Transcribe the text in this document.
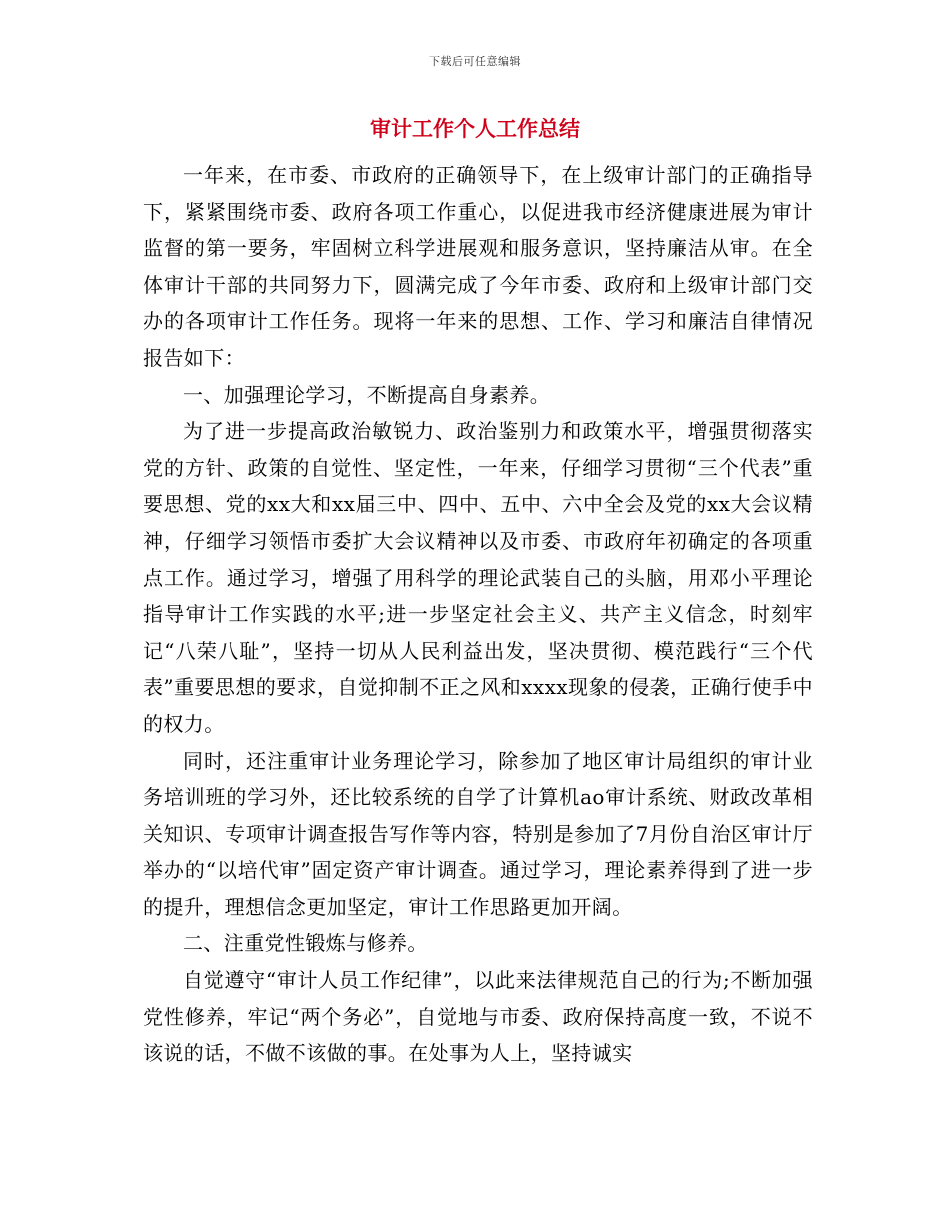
下载后可任意编辑
审计工作个人工作总结

一年来，在市委、市政府的正确领导下，在上级审计部门的正确指导下，紧紧围绕市委、政府各项工作重心，以促进我市经济健康进展为审计监督的第一要务，牢固树立科学进展观和服务意识，坚持廉洁从审。在全体审计干部的共同努力下，圆满完成了今年市委、政府和上级审计部门交办的各项审计工作任务。现将一年来的思想、工作、学习和廉洁自律情况报告如下：

一、加强理论学习，不断提高自身素养。

为了进一步提高政治敏锐力、政治鉴别力和政策水平，增强贯彻落实党的方针、政策的自觉性、坚定性，一年来，仔细学习贯彻“三个代表”重要思想、党的xx大和xx届三中、四中、五中、六中全会及党的xx大会议精神，仔细学习领悟市委扩大会议精神以及市委、市政府年初确定的各项重点工作。通过学习，增强了用科学的理论武装自己的头脑，用邓小平理论指导审计工作实践的水平;进一步坚定社会主义、共产主义信念，时刻牢记“八荣八耻”，坚持一切从人民利益出发，坚决贯彻、模范践行“三个代表”重要思想的要求，自觉抑制不正之风和xxxx现象的侵袭，正确行使手中的权力。

同时，还注重审计业务理论学习，除参加了地区审计局组织的审计业务培训班的学习外，还比较系统的自学了计算机ao审计系统、财政改革相关知识、专项审计调查报告写作等内容，特别是参加了7月份自治区审计厅举办的“以培代审”固定资产审计调查。通过学习，理论素养得到了进一步的提升，理想信念更加坚定，审计工作思路更加开阔。

二、注重党性锻炼与修养。

自觉遵守“审计人员工作纪律”，以此来法律规范自己的行为;不断加强党性修养，牢记“两个务必”，自觉地与市委、政府保持高度一致，不说不该说的话，不做不该做的事。在处事为人上，坚持诚实
